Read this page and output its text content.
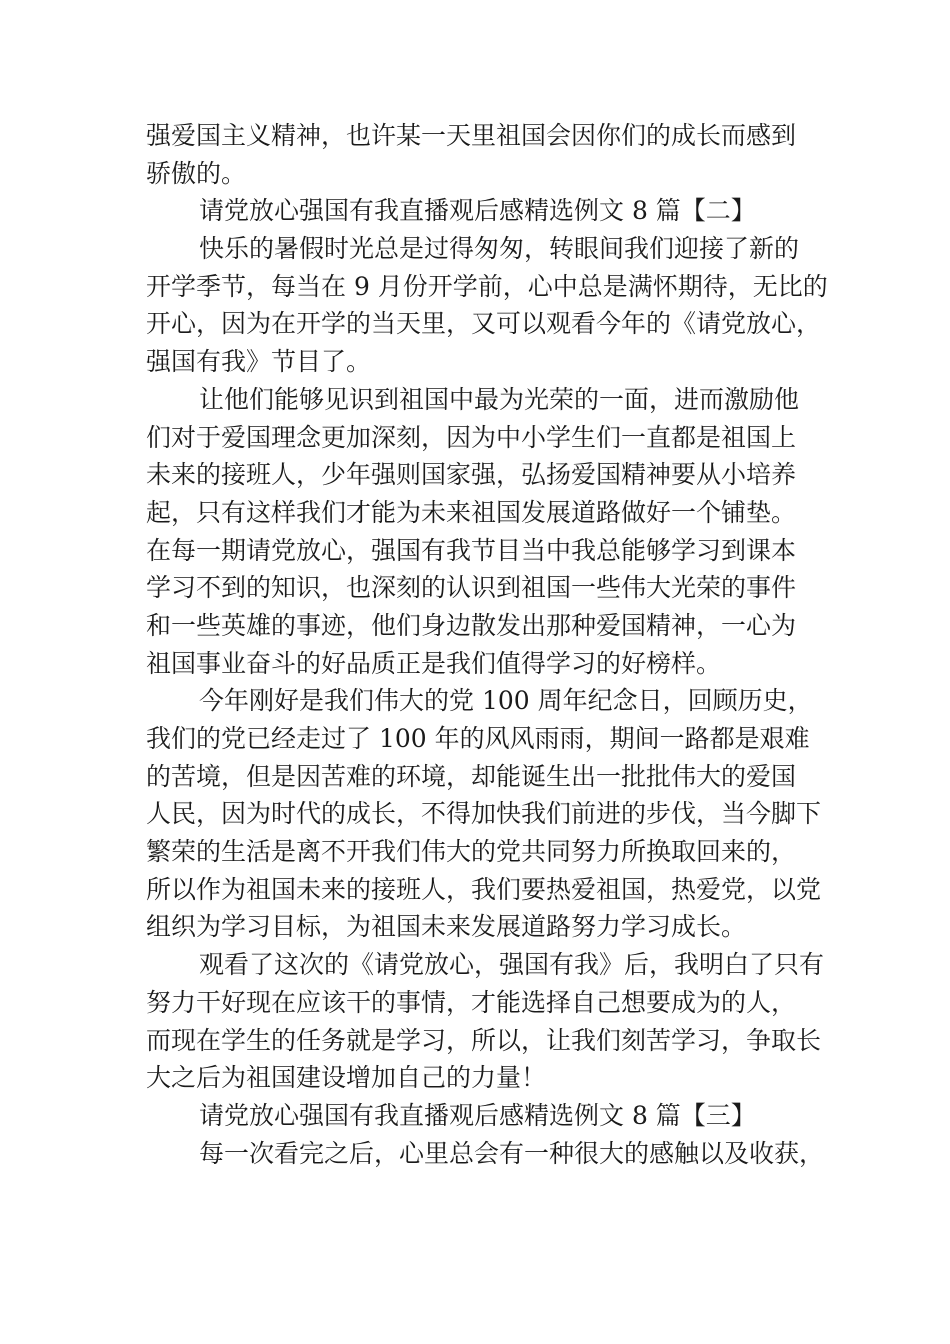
强爱国主义精神，也许某一天里祖国会因你们的成长而感到
骄傲的。
请党放心强国有我直播观后感精选例文 8 篇【二】
快乐的暑假时光总是过得匆匆，转眼间我们迎接了新的
开学季节，每当在 9 月份开学前，心中总是满怀期待，无比的
开心，因为在开学的当天里，又可以观看今年的《请党放心，
强国有我》节目了。
让他们能够见识到祖国中最为光荣的一面，进而激励他
们对于爱国理念更加深刻，因为中小学生们一直都是祖国上
未来的接班人，少年强则国家强，弘扬爱国精神要从小培养
起，只有这样我们才能为未来祖国发展道路做好一个铺垫。
在每一期请党放心，强国有我节目当中我总能够学习到课本
学习不到的知识，也深刻的认识到祖国一些伟大光荣的事件
和一些英雄的事迹，他们身边散发出那种爱国精神，一心为
祖国事业奋斗的好品质正是我们值得学习的好榜样。
今年刚好是我们伟大的党 100 周年纪念日，回顾历史，
我们的党已经走过了 100 年的风风雨雨，期间一路都是艰难
的苦境，但是因苦难的环境，却能诞生出一批批伟大的爱国
人民，因为时代的成长，不得加快我们前进的步伐，当今脚下
繁荣的生活是离不开我们伟大的党共同努力所换取回来的，
所以作为祖国未来的接班人，我们要热爱祖国，热爱党，以党
组织为学习目标，为祖国未来发展道路努力学习成长。
观看了这次的《请党放心，强国有我》后，我明白了只有
努力干好现在应该干的事情，才能选择自己想要成为的人，
而现在学生的任务就是学习，所以，让我们刻苦学习，争取长
大之后为祖国建设增加自己的力量！
请党放心强国有我直播观后感精选例文 8 篇【三】
每一次看完之后，心里总会有一种很大的感触以及收获，
